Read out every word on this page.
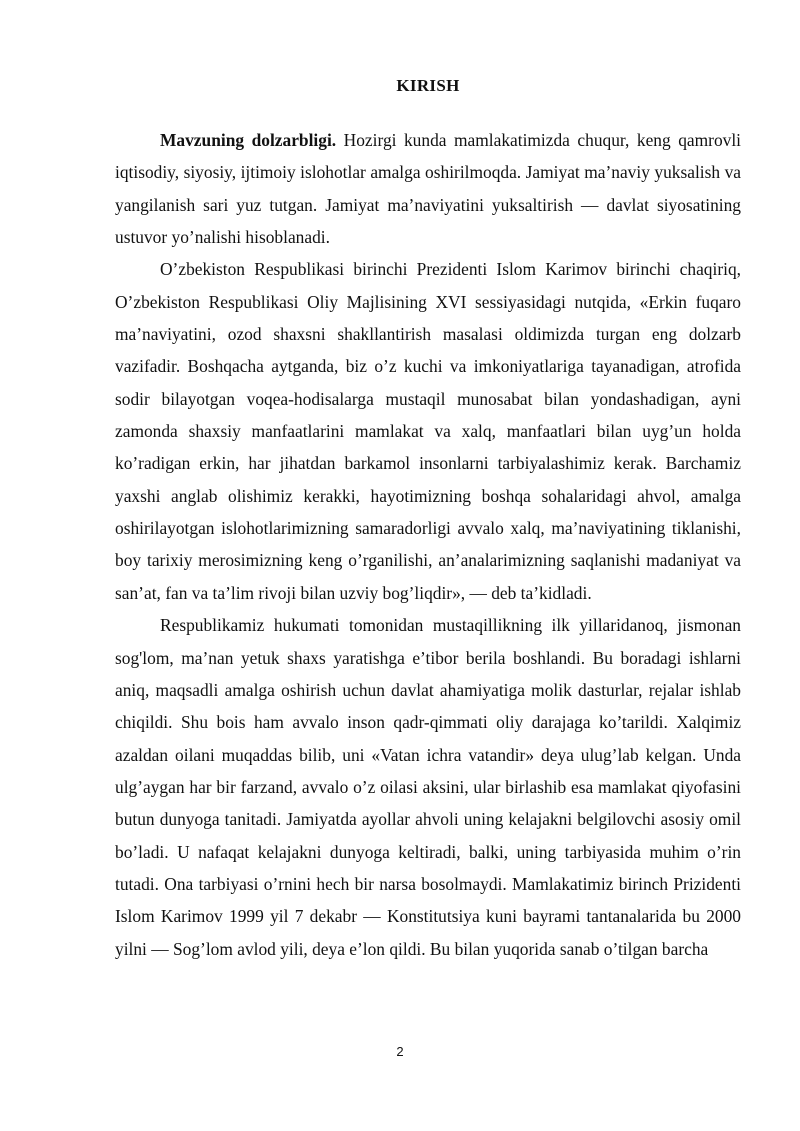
KIRISH

Mavzuning dolzarbligi. Hozirgi kunda mamlakatimizda chuqur, keng qamrovli iqtisodiy, siyosiy, ijtimoiy islohotlar amalga oshirilmoqda. Jamiyat ma’naviy yuksalish va yangilanish sari yuz tutgan. Jamiyat ma’naviyatini yuksaltirish — davlat siyosatining ustuvor yo’nalishi hisoblanadi.

O’zbekiston Respublikasi birinchi Prezidenti Islom Karimov birinchi chaqiriq, O’zbekiston Respublikasi Oliy Majlisining XVI sessiyasidagi nutqida, «Erkin fuqaro ma’naviyatini, ozod shaxsni shakllantirish masalasi oldimizda turgan eng dolzarb vazifadir. Boshqacha aytganda, biz o’z kuchi va imkoniyatlariga tayanadigan, atrofida sodir bilayotgan voqea-hodisalarga mustaqil munosabat bilan yondashadigan, ayni zamonda shaxsiy manfaatlarini mamlakat va xalq, manfaatlari bilan uyg’un holda ko’radigan erkin, har jihatdan barkamol insonlarni tarbiyalashimiz kerak. Barchamiz yaxshi anglab olishimiz kerakki, hayotimizning boshqa sohalaridagi ahvol, amalga oshirilayotgan islohotlarimizning samaradorligi avvalo xalq, ma’naviyatining tiklanishi, boy tarixiy merosimizning keng o’rganilishi, an’analarimizning saqlanishi madaniyat va san’at, fan va ta’lim rivoji bilan uzviy bog’liqdir», — deb ta’kidladi.

Respublikamiz hukumati tomonidan mustaqillikning ilk yillaridanoq, jismonan sog'lom, ma’nan yetuk shaxs yaratishga e’tibor berila boshlandi. Bu boradagi ishlarni aniq, maqsadli amalga oshirish uchun davlat ahamiyatiga molik dasturlar, rejalar ishlab chiqildi. Shu bois ham avvalo inson qadr-qimmati oliy darajaga ko’tarildi. Xalqimiz azaldan oilani muqaddas bilib, uni «Vatan ichra vatandir» deya ulug’lab kelgan. Unda ulg’aygan har bir farzand, avvalo o’z oilasi aksini, ular birlashib esa mamlakat qiyofasini butun dunyoga tanitadi. Jamiyatda ayollar ahvoli uning kelajakni belgilovchi asosiy omil bo’ladi. U nafaqat kelajakni dunyoga keltiradi, balki, uning tarbiyasida muhim o’rin tutadi. Ona tarbiyasi o’rnini hech bir narsa bosolmaydi. Mamlakatimiz birinch Prizidenti Islom Karimov 1999 yil 7 dekabr — Konstitutsiya kuni bayrami tantanalarida bu 2000 yilni — Sog’lom avlod yili, deya e’lon qildi. Bu bilan yuqorida sanab o’tilgan barcha

2
